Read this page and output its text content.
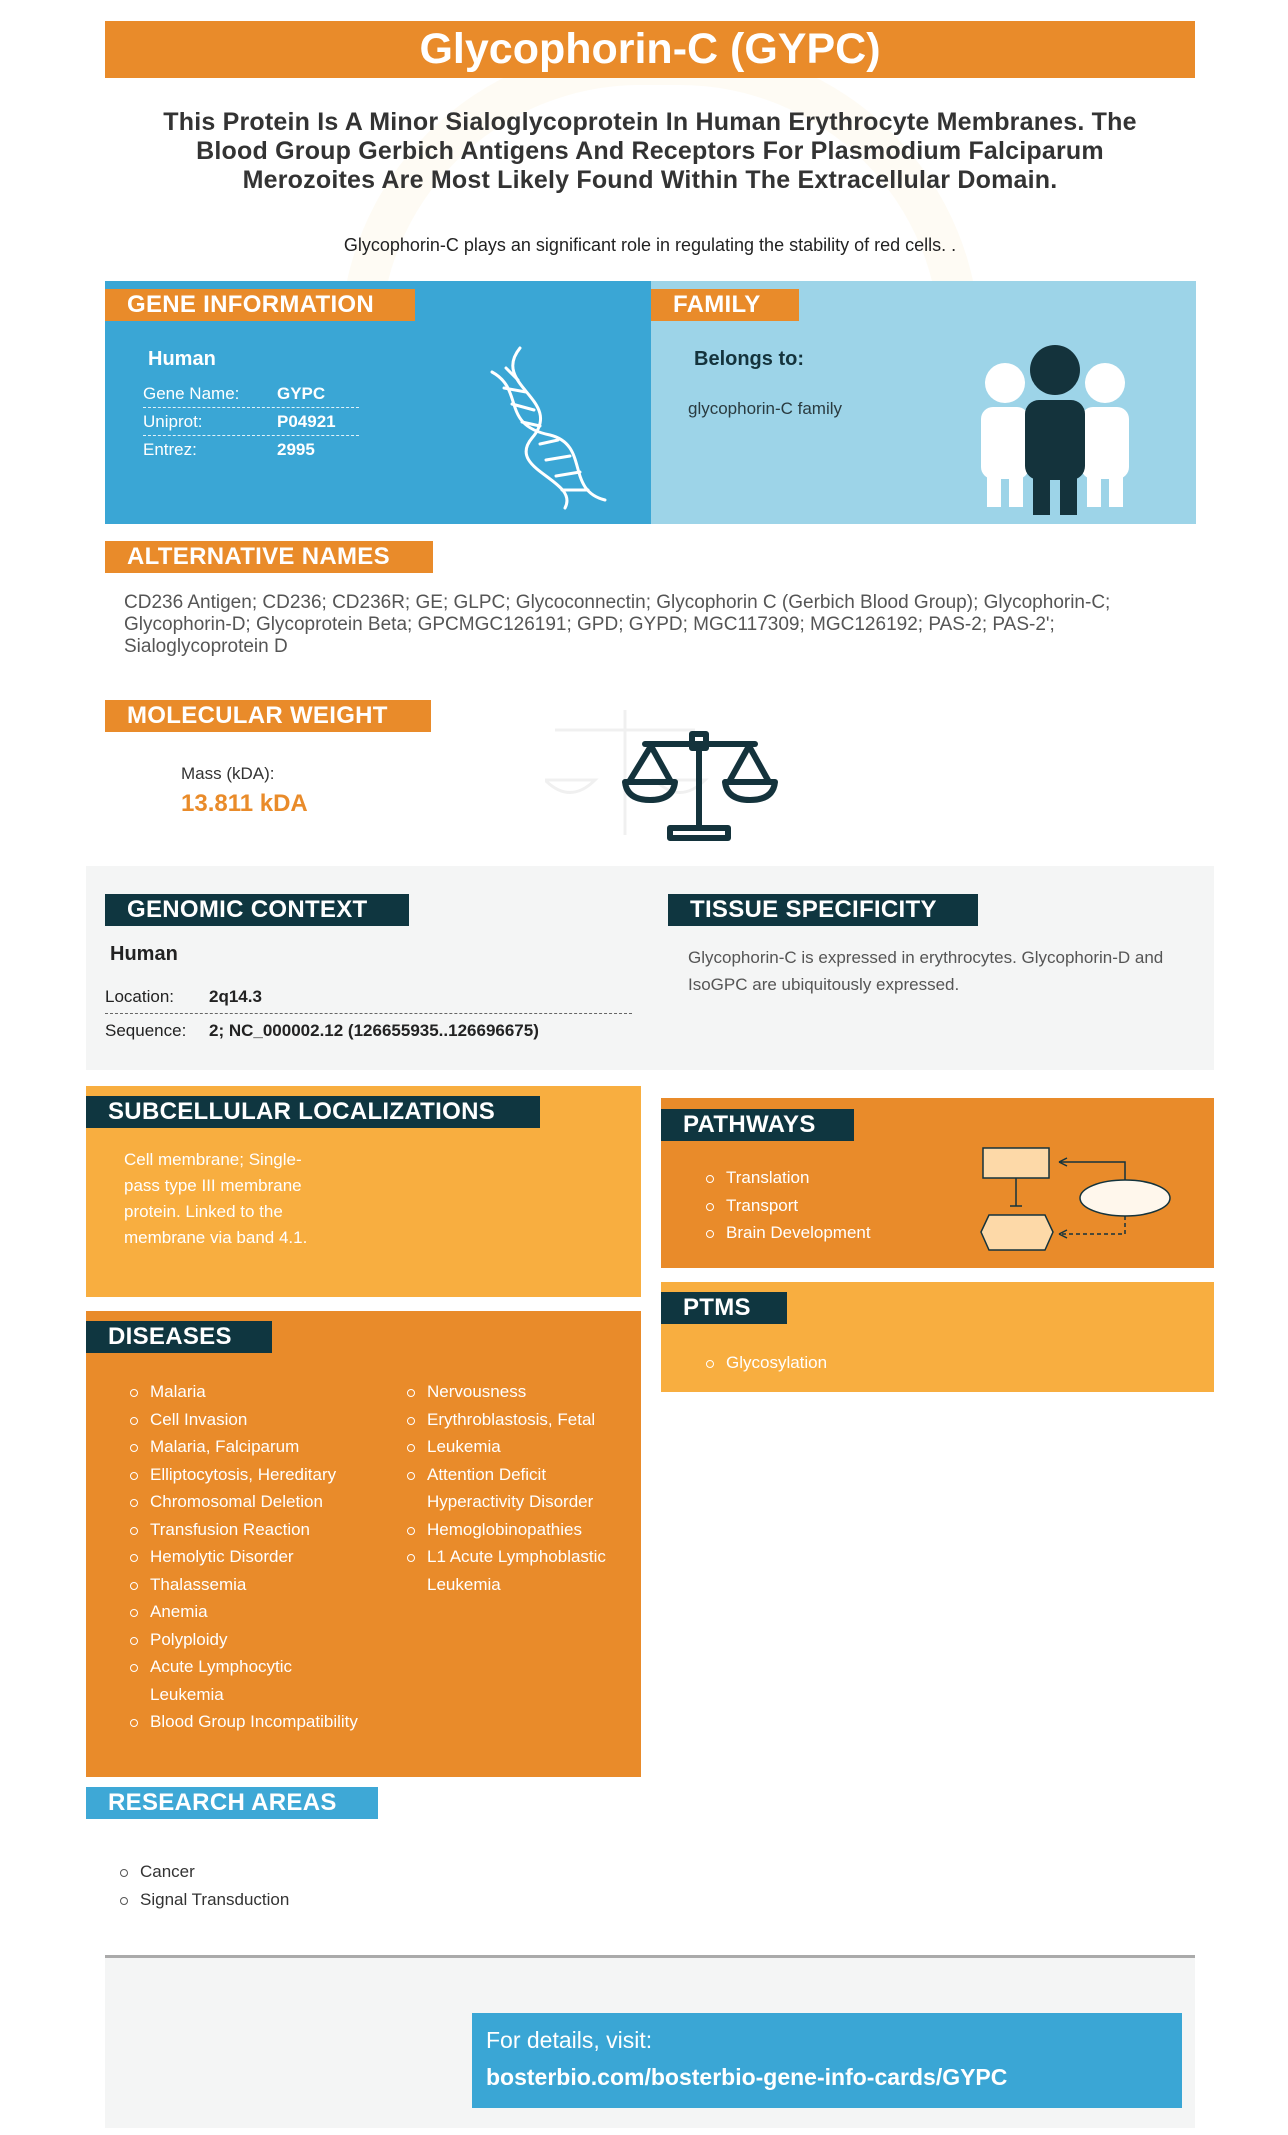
Glycophorin-C (GYPC)
This Protein Is A Minor Sialoglycoprotein In Human Erythrocyte Membranes. The Blood Group Gerbich Antigens And Receptors For Plasmodium Falciparum Merozoites Are Most Likely Found Within The Extracellular Domain.
Glycophorin-C plays an significant role in regulating the stability of red cells. .
GENE INFORMATION
Human
Gene Name:	GYPC
Uniprot:	P04921
Entrez:	2995
FAMILY
Belongs to:
glycophorin-C family
ALTERNATIVE NAMES
CD236 Antigen; CD236; CD236R; GE; GLPC; Glycoconnectin; Glycophorin C (Gerbich Blood Group); Glycophorin-C; Glycophorin-D; Glycoprotein Beta; GPCMGC126191; GPD; GYPD; MGC117309; MGC126192; PAS-2; PAS-2'; Sialoglycoprotein D
MOLECULAR WEIGHT
Mass (kDA):
13.811 kDA
GENOMIC CONTEXT
Human
Location:	2q14.3
Sequence:	2; NC_000002.12 (126655935..126696675)
TISSUE SPECIFICITY
Glycophorin-C is expressed in erythrocytes. Glycophorin-D and IsoGPC are ubiquitously expressed.
SUBCELLULAR LOCALIZATIONS
Cell membrane; Single-pass type III membrane protein. Linked to the membrane via band 4.1.
PATHWAYS
Translation
Transport
Brain Development
PTMS
Glycosylation
DISEASES
Malaria
Cell Invasion
Malaria, Falciparum
Elliptocytosis, Hereditary
Chromosomal Deletion
Transfusion Reaction
Hemolytic Disorder
Thalassemia
Anemia
Polyploidy
Acute Lymphocytic Leukemia
Blood Group Incompatibility
Nervousness
Erythroblastosis, Fetal
Leukemia
Attention Deficit Hyperactivity Disorder
Hemoglobinopathies
L1 Acute Lymphoblastic Leukemia
RESEARCH AREAS
Cancer
Signal Transduction
For details, visit:
bosterbio.com/bosterbio-gene-info-cards/GYPC
